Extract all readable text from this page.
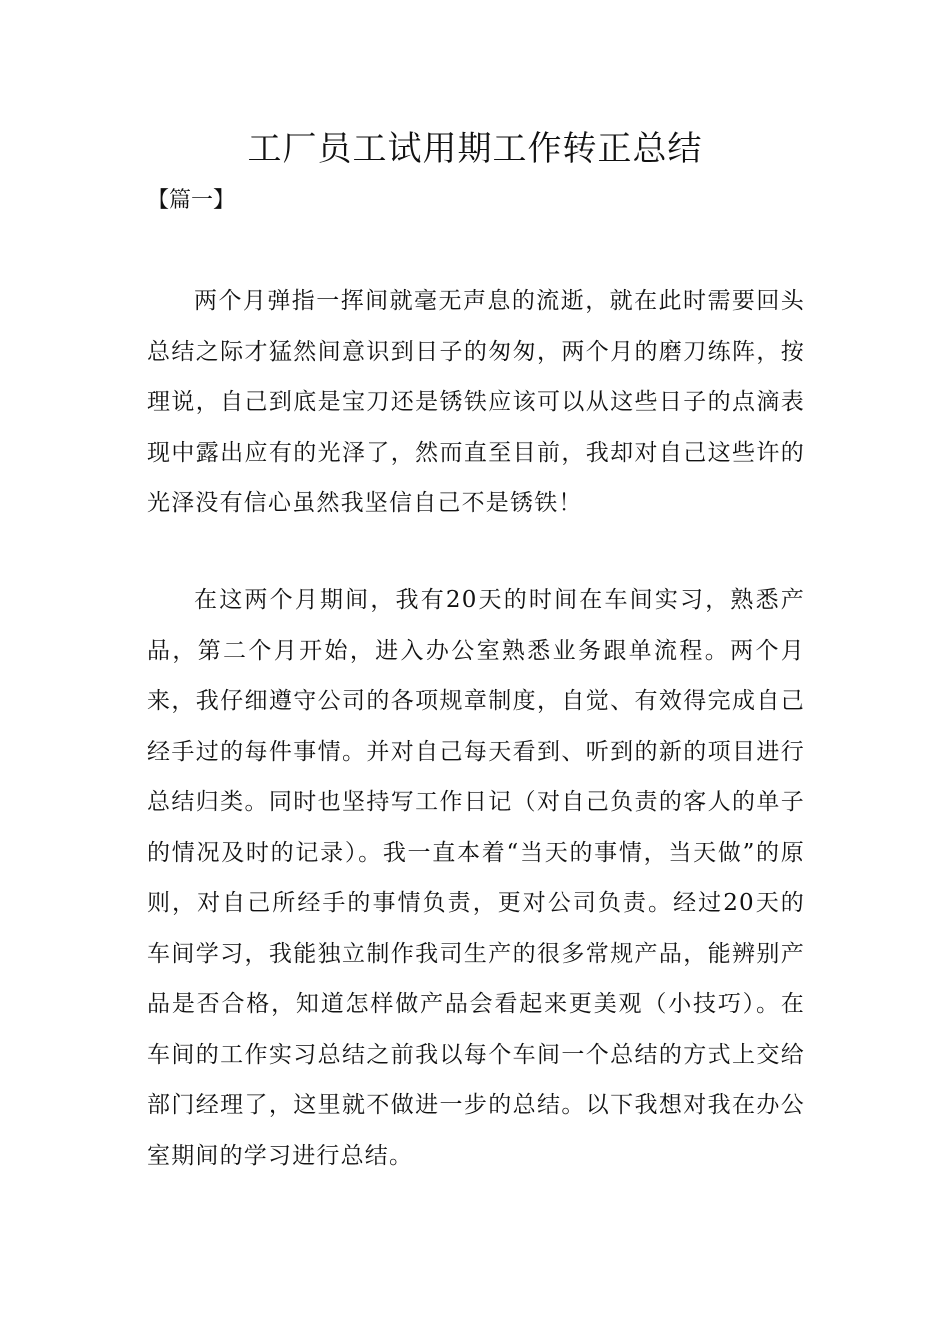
工厂员工试用期工作转正总结

【篇一】

两个月弹指一挥间就毫无声息的流逝，就在此时需要回头总结之际才猛然间意识到日子的匆匆，两个月的磨刀练阵，按理说，自己到底是宝刀还是锈铁应该可以从这些日子的点滴表现中露出应有的光泽了，然而直至目前，我却对自己这些许的光泽没有信心虽然我坚信自己不是锈铁！

在这两个月期间，我有20天的时间在车间实习，熟悉产品，第二个月开始，进入办公室熟悉业务跟单流程。两个月来，我仔细遵守公司的各项规章制度，自觉、有效得完成自己经手过的每件事情。并对自己每天看到、听到的新的项目进行总结归类。同时也坚持写工作日记（对自己负责的客人的单子的情况及时的记录）。我一直本着“当天的事情，当天做”的原则，对自己所经手的事情负责，更对公司负责。经过20天的车间学习，我能独立制作我司生产的很多常规产品，能辨别产品是否合格，知道怎样做产品会看起来更美观（小技巧）。在车间的工作实习总结之前我以每个车间一个总结的方式上交给部门经理了，这里就不做进一步的总结。以下我想对我在办公室期间的学习进行总结。
